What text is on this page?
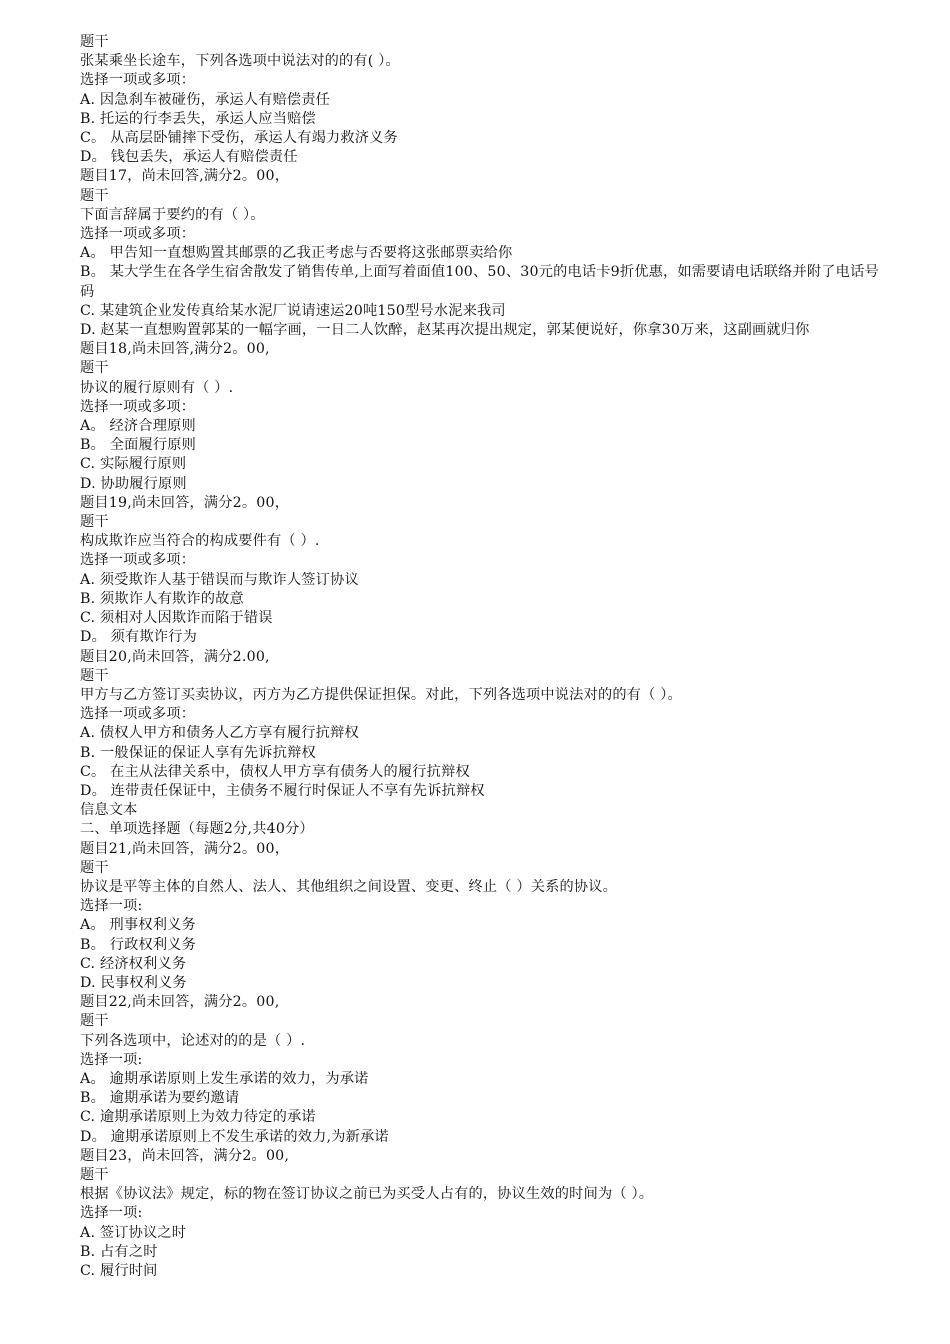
题干

张某乘坐长途车，下列各选项中说法对的的有( ）。

选择一项或多项：

A. 因急刹车被碰伤，承运人有赔偿责任

B. 托运的行李丢失，承运人应当赔偿

C。 从高层卧铺摔下受伤，承运人有竭力救济义务

D。 钱包丢失，承运人有赔偿责任

题目17，尚未回答,满分2。00，

题干

下面言辞属于要约的有（ ）。

选择一项或多项：

A。 甲告知一直想购置其邮票的乙我正考虑与否要将这张邮票卖给你

B。 某大学生在各学生宿舍散发了销售传单,上面写着面值100、50、30元的电话卡9折优惠，如需要请电话联络并附了电话号码

C. 某建筑企业发传真给某水泥厂说请速运20吨150型号水泥来我司

D. 赵某一直想购置郭某的一幅字画，一日二人饮醉，赵某再次提出规定，郭某便说好，你拿30万来，这副画就归你

题目18,尚未回答,满分2。00,

题干

协议的履行原则有（ ）.

选择一项或多项：

A。 经济合理原则

B。 全面履行原则

C. 实际履行原则

D. 协助履行原则

题目19,尚未回答，满分2。00，

题干

构成欺诈应当符合的构成要件有（ ）.

选择一项或多项：

A. 须受欺诈人基于错误而与欺诈人签订协议

B. 须欺诈人有欺诈的故意

C. 须相对人因欺诈而陷于错误

D。 须有欺诈行为

题目20,尚未回答，满分2.00,

题干

甲方与乙方签订买卖协议，丙方为乙方提供保证担保。对此，下列各选项中说法对的的有（ ）。

选择一项或多项：

A. 债权人甲方和债务人乙方享有履行抗辩权

B. 一般保证的保证人享有先诉抗辩权

C。 在主从法律关系中，债权人甲方享有债务人的履行抗辩权

D。 连带责任保证中，主债务不履行时保证人不享有先诉抗辩权

信息文本

二、单项选择题（每题2分,共40分）

题目21,尚未回答，满分2。00，

题干

协议是平等主体的自然人、法人、其他组织之间设置、变更、终止（ ）关系的协议。

选择一项:

A。 刑事权利义务

B。 行政权利义务

C. 经济权利义务

D. 民事权利义务

题目22,尚未回答，满分2。00,

题干

下列各选项中，论述对的的是（ ）.

选择一项:

A。 逾期承诺原则上发生承诺的效力，为承诺

B。 逾期承诺为要约邀请

C. 逾期承诺原则上为效力待定的承诺

D。 逾期承诺原则上不发生承诺的效力,为新承诺

题目23，尚未回答，满分2。00,

题干

根据《协议法》规定，标的物在签订协议之前已为买受人占有的，协议生效的时间为（ ）。

选择一项:

A. 签订协议之时

B. 占有之时

C. 履行时间
